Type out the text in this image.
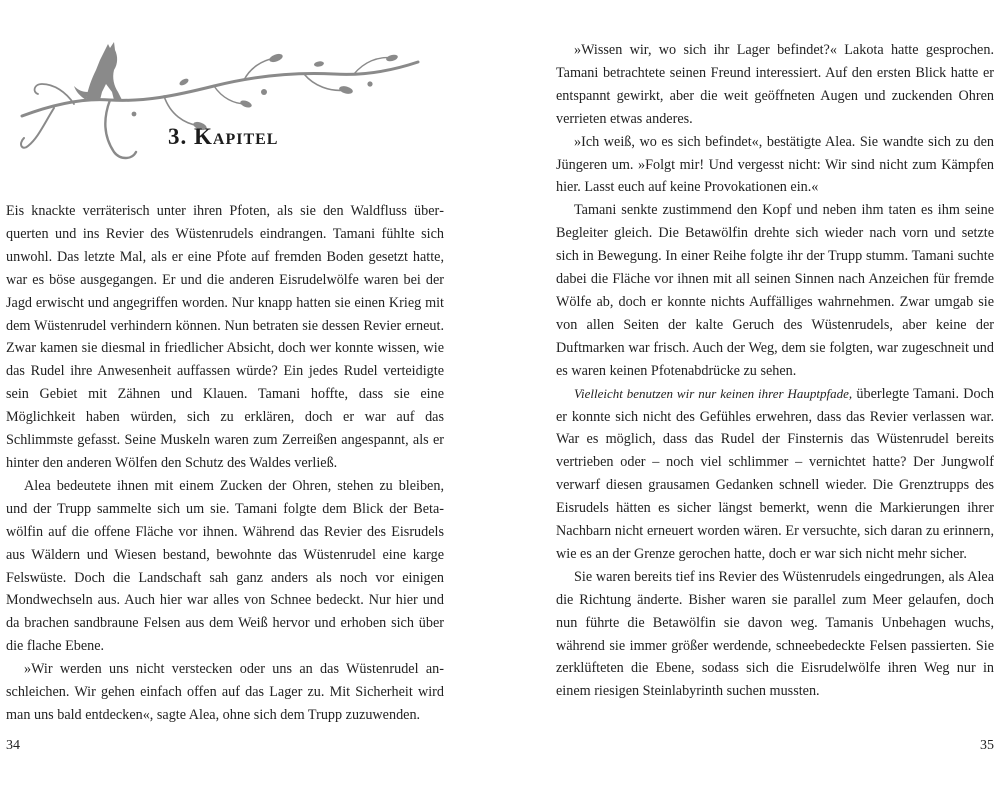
3. Kapitel

Eis knackte verräterisch unter ihren Pfoten, als sie den Waldfluss überquerten und ins Revier des Wüstenrudels eindrangen. Tamani fühlte sich unwohl. Das letzte Mal, als er eine Pfote auf fremden Boden gesetzt hatte, war es böse ausgegangen. Er und die anderen Eisrudelwölfe waren bei der Jagd erwischt und angegriffen worden. Nur knapp hatten sie einen Krieg mit dem Wüstenrudel verhindern können. Nun betraten sie dessen Revier erneut. Zwar kamen sie diesmal in friedlicher Absicht, doch wer konnte wissen, wie das Rudel ihre Anwesenheit auffassen würde? Ein jedes Rudel verteidigte sein Gebiet mit Zähnen und Klauen. Tamani hoffte, dass sie eine Möglichkeit haben würden, sich zu erklären, doch er war auf das Schlimmste gefasst. Seine Muskeln waren zum Zerreißen angespannt, als er hinter den anderen Wölfen den Schutz des Waldes verließ.

Alea bedeutete ihnen mit einem Zucken der Ohren, stehen zu bleiben, und der Trupp sammelte sich um sie. Tamani folgte dem Blick der Betawölfin auf die offene Fläche vor ihnen. Während das Revier des Eisrudels aus Wäldern und Wiesen bestand, bewohnte das Wüstenrudel eine karge Felswüste. Doch die Landschaft sah ganz anders als noch vor einigen Mondwechseln aus. Auch hier war alles von Schnee bedeckt. Nur hier und da brachen sandbraune Felsen aus dem Weiß hervor und erhoben sich über die flache Ebene.

»Wir werden uns nicht verstecken oder uns an das Wüstenrudel anschleichen. Wir gehen einfach offen auf das Lager zu. Mit Sicherheit wird man uns bald entdecken«, sagte Alea, ohne sich dem Trupp zuzuwenden.

34

»Wissen wir, wo sich ihr Lager befindet?« Lakota hatte gesprochen. Tamani betrachtete seinen Freund interessiert. Auf den ersten Blick hatte er entspannt gewirkt, aber die weit geöffneten Augen und zuckenden Ohren verrieten etwas anderes.

»Ich weiß, wo es sich befindet«, bestätigte Alea. Sie wandte sich zu den Jüngeren um. »Folgt mir! Und vergesst nicht: Wir sind nicht zum Kämpfen hier. Lasst euch auf keine Provokationen ein.«

Tamani senkte zustimmend den Kopf und neben ihm taten es ihm seine Begleiter gleich. Die Betawölfin drehte sich wieder nach vorn und setzte sich in Bewegung. In einer Reihe folgte ihr der Trupp stumm. Tamani suchte dabei die Fläche vor ihnen mit all seinen Sinnen nach Anzeichen für fremde Wölfe ab, doch er konnte nichts Auffälliges wahrnehmen. Zwar umgab sie von allen Seiten der kalte Geruch des Wüstenrudels, aber keine der Duftmarken war frisch. Auch der Weg, dem sie folgten, war zugeschneit und es waren keinen Pfotenabdrücke zu sehen.

Vielleicht benutzen wir nur keinen ihrer Hauptpfade, überlegte Tamani. Doch er konnte sich nicht des Gefühles erwehren, dass das Revier verlassen war. War es möglich, dass das Rudel der Finsternis das Wüstenrudel bereits vertrieben oder – noch viel schlimmer – vernichtet hatte? Der Jungwolf verwarf diesen grausamen Gedanken schnell wieder. Die Grenztrupps des Eisrudels hätten es sicher längst bemerkt, wenn die Markierungen ihrer Nachbarn nicht erneuert worden wären. Er versuchte, sich daran zu erinnern, wie es an der Grenze gerochen hatte, doch er war sich nicht mehr sicher.

Sie waren bereits tief ins Revier des Wüstenrudels eingedrungen, als Alea die Richtung änderte. Bisher waren sie parallel zum Meer gelaufen, doch nun führte die Betawölfin sie davon weg. Tamanis Unbehagen wuchs, während sie immer größer werdende, schneebedeckte Felsen passierten. Sie zerklüfteten die Ebene, sodass sich die Eisrudelwölfe ihren Weg nur in einem riesigen Steinlabyrinth suchen mussten.

35
